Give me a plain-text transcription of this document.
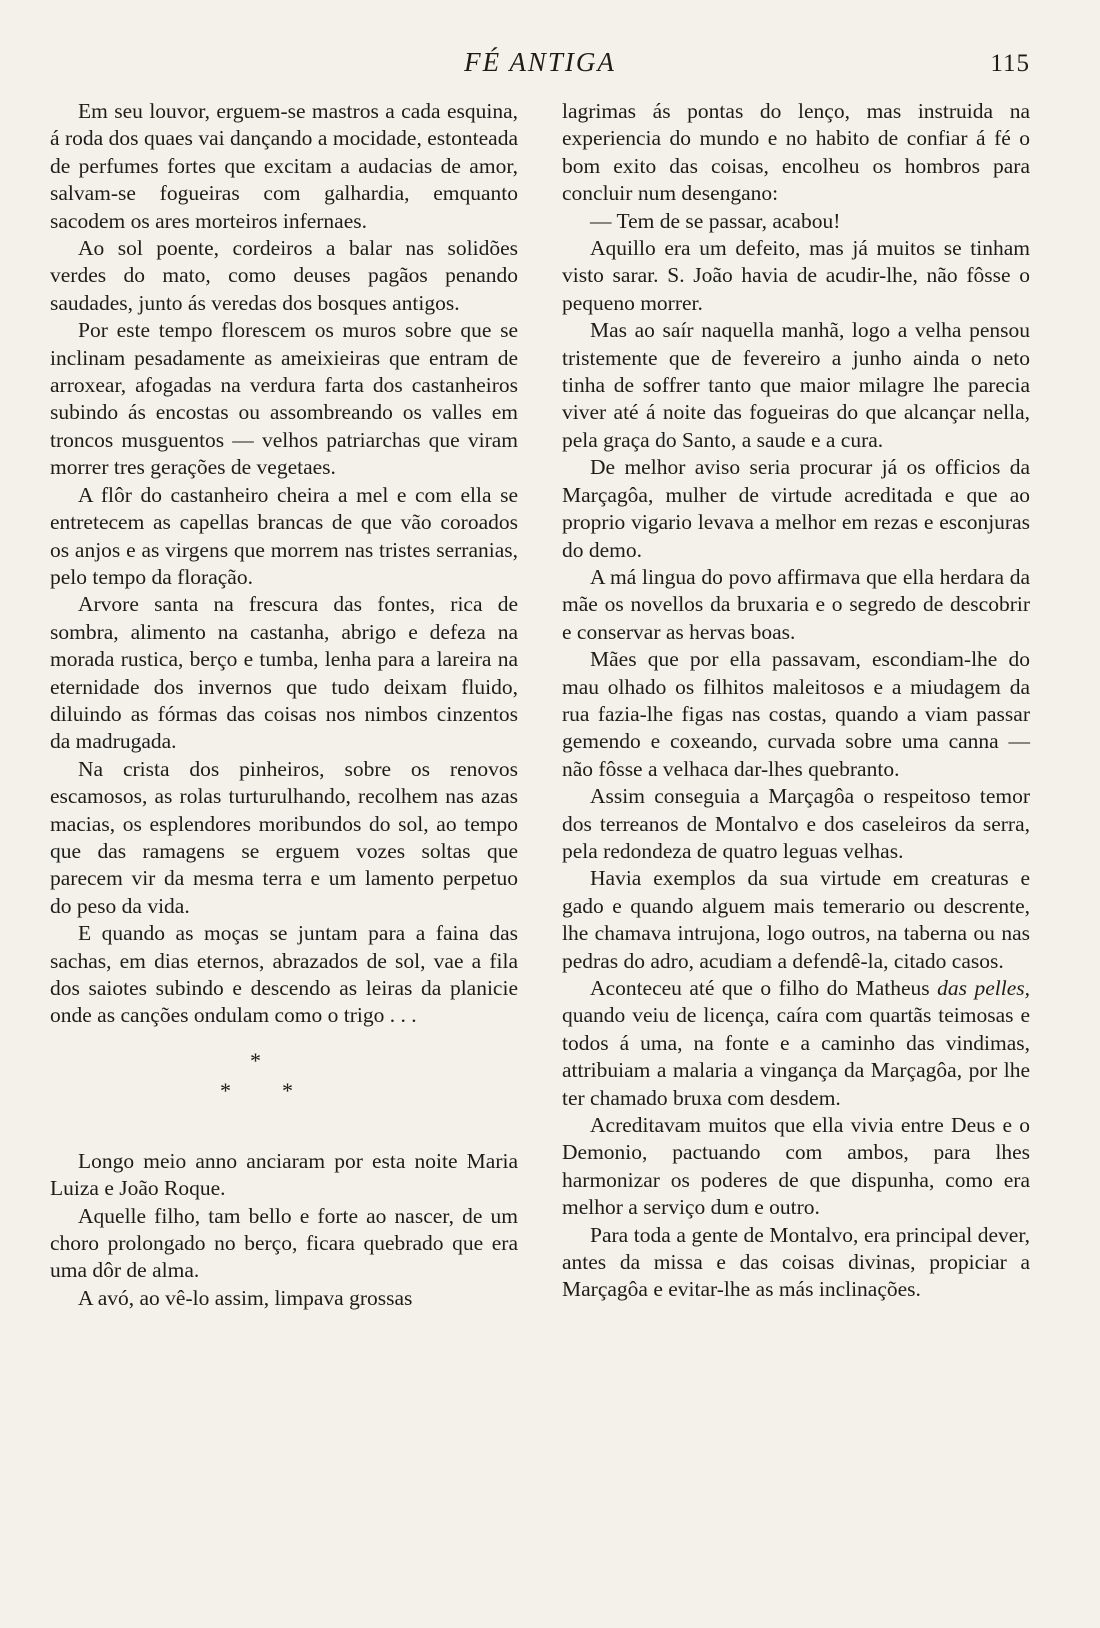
FÉ ANTIGA	115

Em seu louvor, erguem-se mastros a cada esquina, á roda dos quaes vai dançando a mocidade, estonteada de perfumes fortes que excitam a audacias de amor, salvam-se fogueiras com galhardia, emquanto sacodem os ares morteiros infernaes.

Ao sol poente, cordeiros a balar nas solidões verdes do mato, como deuses pagãos penando saudades, junto ás veredas dos bosques antigos.

Por este tempo florescem os muros sobre que se inclinam pesadamente as ameixieiras que entram de arroxear, afogadas na verdura farta dos castanheiros subindo ás encostas ou assombreando os valles em troncos musguentos — velhos patriarchas que viram morrer tres gerações de vegetaes.

A flôr do castanheiro cheira a mel e com ella se entretecem as capellas brancas de que vão coroados os anjos e as virgens que morrem nas tristes serranias, pelo tempo da floração.

Arvore santa na frescura das fontes, rica de sombra, alimento na castanha, abrigo e defeza na morada rustica, berço e tumba, lenha para a lareira na eternidade dos invernos que tudo deixam fluido, diluindo as fórmas das coisas nos nimbos cinzentos da madrugada.

Na crista dos pinheiros, sobre os renovos escamosos, as rolas turturulhando, recolhem nas azas macias, os esplendores moribundos do sol, ao tempo que das ramagens se erguem vozes soltas que parecem vir da mesma terra e um lamento perpetuo do peso da vida.

E quando as moças se juntam para a faina das sachas, em dias eternos, abrazados de sol, vae a fila dos saiotes subindo e descendo as leiras da planicie onde as canções ondulam como o trigo . . .

*
* *

Longo meio anno anciaram por esta noite Maria Luiza e João Roque.

Aquelle filho, tam bello e forte ao nascer, de um choro prolongado no berço, ficara quebrado que era uma dôr de alma.

A avó, ao vê-lo assim, limpava grossas

lagrimas ás pontas do lenço, mas instruida na experiencia do mundo e no habito de confiar á fé o bom exito das coisas, encolheu os hombros para concluir num desengano:

— Tem de se passar, acabou!

Aquillo era um defeito, mas já muitos se tinham visto sarar. S. João havia de acudir-lhe, não fôsse o pequeno morrer.

Mas ao saír naquella manhã, logo a velha pensou tristemente que de fevereiro a junho ainda o neto tinha de soffrer tanto que maior milagre lhe parecia viver até á noite das fogueiras do que alcançar nella, pela graça do Santo, a saude e a cura.

De melhor aviso seria procurar já os officios da Marçagôa, mulher de virtude acreditada e que ao proprio vigario levava a melhor em rezas e esconjuras do demo.

A má lingua do povo affirmava que ella herdara da mãe os novellos da bruxaria e o segredo de descobrir e conservar as hervas boas.

Mães que por ella passavam, escondiam-lhe do mau olhado os filhitos maleitosos e a miudagem da rua fazia-lhe figas nas costas, quando a viam passar gemendo e coxeando, curvada sobre uma canna — não fôsse a velhaca dar-lhes quebranto.

Assim conseguia a Marçagôa o respeitoso temor dos terreanos de Montalvo e dos caseleiros da serra, pela redondeza de quatro leguas velhas.

Havia exemplos da sua virtude em creaturas e gado e quando alguem mais temerario ou descrente, lhe chamava intrujona, logo outros, na taberna ou nas pedras do adro, acudiam a defendê-la, citado casos.

Aconteceu até que o filho do Matheus das pelles, quando veiu de licença, caíra com quartãs teimosas e todos á uma, na fonte e a caminho das vindimas, attribuiam a malaria a vingança da Marçagôa, por lhe ter chamado bruxa com desdem.

Acreditavam muitos que ella vivia entre Deus e o Demonio, pactuando com ambos, para lhes harmonizar os poderes de que dispunha, como era melhor a serviço dum e outro.

Para toda a gente de Montalvo, era principal dever, antes da missa e das coisas divinas, propiciar a Marçagôa e evitar-lhe as más inclinações.
